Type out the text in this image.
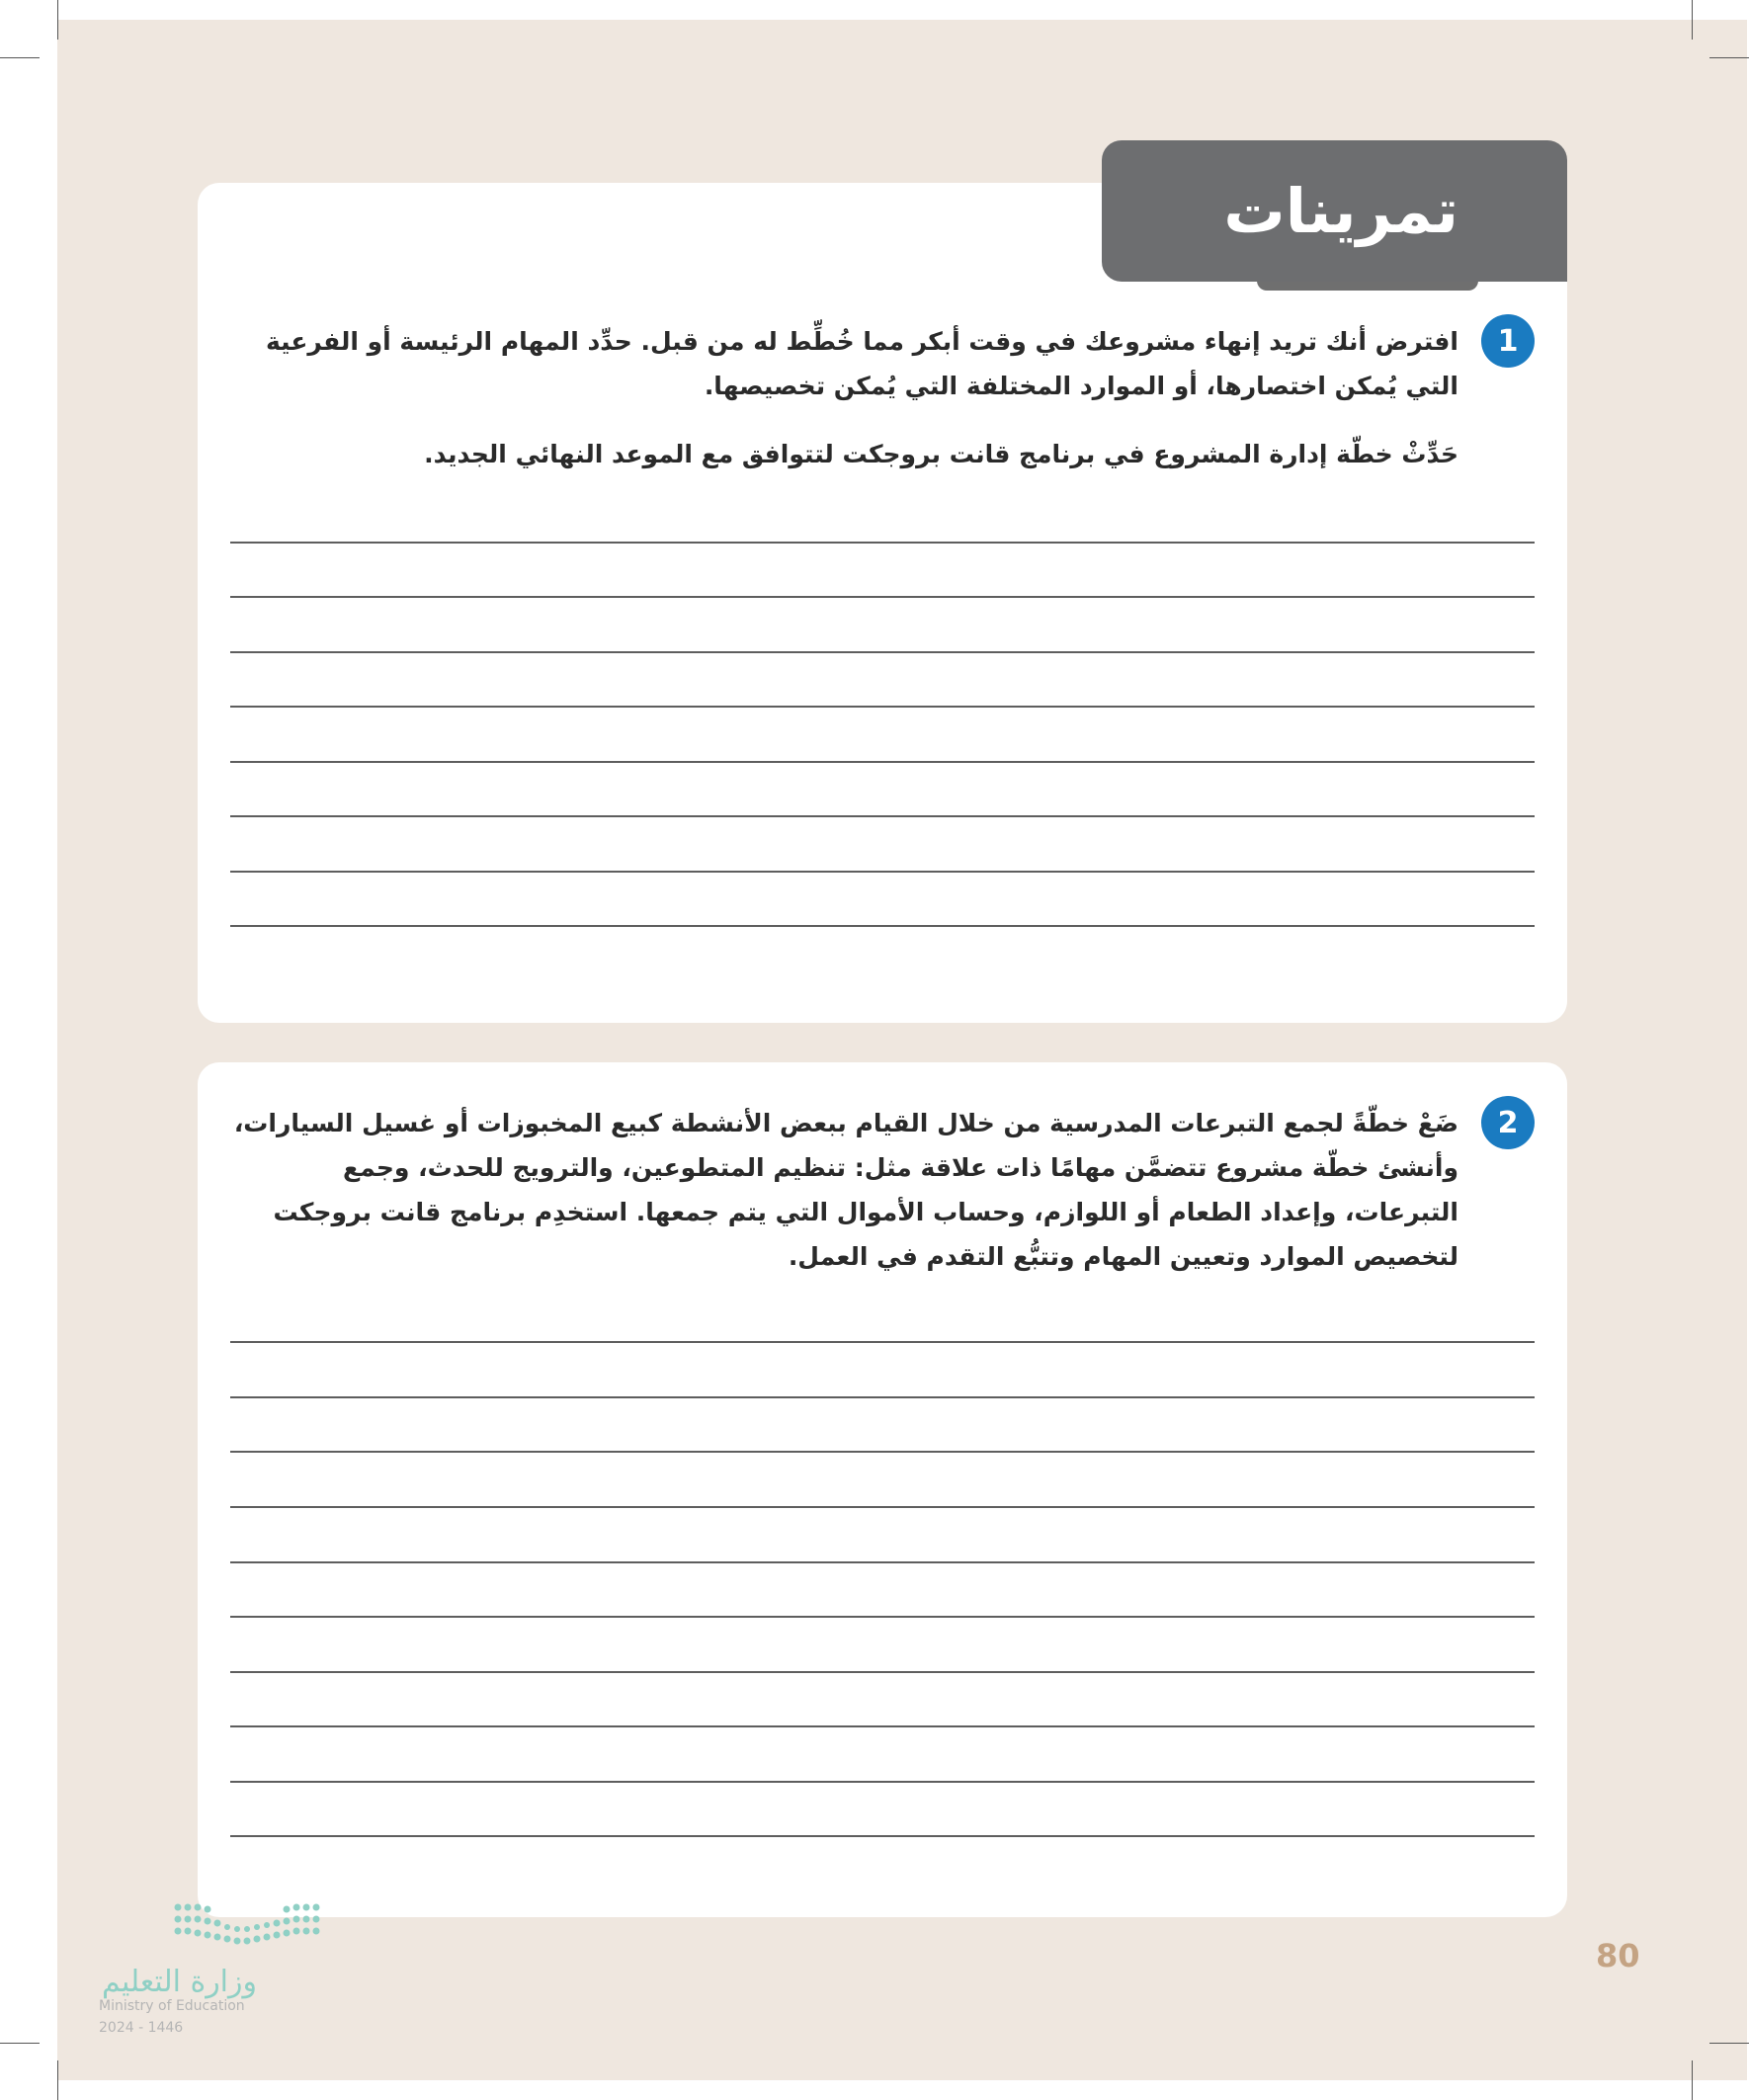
تمرينات
1
افترض أنك تريد إنهاء مشروعك في وقت أبكر مما خُطِّط له من قبل. حدِّد المهام الرئيسة أو الفرعية التي يُمكن اختصارها، أو الموارد المختلفة التي يُمكن تخصيصها.
حَدِّثْ خطّة إدارة المشروع في برنامج قانت بروجكت لتتوافق مع الموعد النهائي الجديد.
2
ضَعْ خطّةً لجمع التبرعات المدرسية من خلال القيام ببعض الأنشطة كبيع المخبوزات أو غسيل السيارات، وأنشئ خطّة مشروع تتضمَّن مهامًا ذات علاقة مثل: تنظيم المتطوعين، والترويج للحدث، وجمع التبرعات، وإعداد الطعام أو اللوازم، وحساب الأموال التي يتم جمعها. استخدِم برنامج قانت بروجكت لتخصيص الموارد وتعيين المهام وتتبُّع التقدم في العمل.
وزارة التعليم
Ministry of Education
2024 - 1446
80
